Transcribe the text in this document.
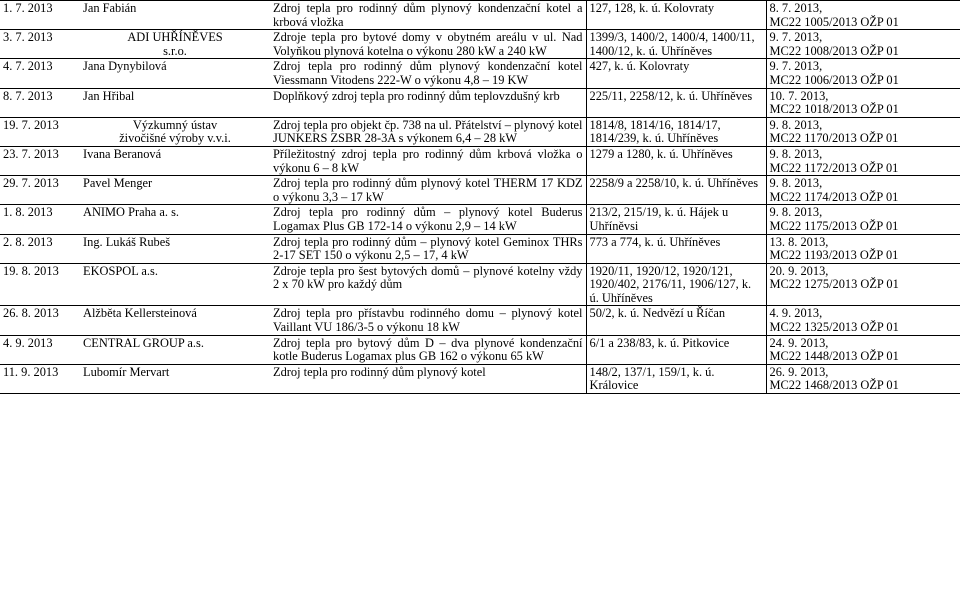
1. 7. 2013	Jan Fabián	Zdroj tepla pro rodinný dům plynový kondenzační kotel a krbová vložka	127, 128, k. ú. Kolovraty	8. 7. 2013,
MC22 1005/2013 OŽP 01

3. 7. 2013	ADI UHŘÍNĚVES
s.r.o.	Zdroje tepla pro bytové domy v obytném areálu v ul. Nad Volyňkou plynová kotelna o výkonu 280 kW a 240 kW	1399/3, 1400/2, 1400/4, 1400/11, 1400/12, k. ú. Uhříněves	9. 7. 2013,
MC22 1008/2013 OŽP 01

4. 7. 2013	Jana Dynybilová	Zdroj tepla pro rodinný dům plynový kondenzační kotel Viessmann Vitodens 222-W o výkonu 4,8 – 19 KW	427, k. ú. Kolovraty	9. 7. 2013,
MC22 1006/2013 OŽP 01

8. 7. 2013	Jan Hřibal	Doplňkový zdroj tepla pro rodinný dům teplovzdušný krb	225/11, 2258/12, k. ú. Uhříněves	10. 7. 2013,
MC22 1018/2013 OŽP 01

19. 7. 2013	Výzkumný ústav
živočišné výroby v.v.i.	Zdroj tepla pro objekt čp. 738 na ul. Přátelství – plynový kotel JUNKERS ZSBR 28-3A s výkonem 6,4 – 28 kW	1814/8, 1814/16, 1814/17, 1814/239, k. ú. Uhříněves	9. 8. 2013,
MC22 1170/2013 OŽP 01

23. 7. 2013	Ivana Beranová	Příležitostný zdroj tepla pro rodinný dům krbová vložka o výkonu 6 – 8 kW	1279 a 1280, k. ú. Uhříněves	9. 8. 2013,
MC22 1172/2013 OŽP 01

29. 7. 2013	Pavel Menger	Zdroj tepla pro rodinný dům plynový kotel THERM 17 KDZ o výkonu 3,3 – 17 kW	2258/9 a 2258/10, k. ú. Uhříněves	9. 8. 2013,
MC22 1174/2013 OŽP 01

1. 8. 2013	ANIMO Praha a. s.	Zdroj tepla pro rodinný dům – plynový kotel Buderus Logamax Plus GB 172-14 o výkonu 2,9 – 14 kW	213/2, 215/19, k. ú. Hájek u Uhříněvsi	9. 8. 2013,
MC22 1175/2013 OŽP 01

2. 8. 2013	Ing. Lukáš Rubeš	Zdroj tepla pro rodinný dům – plynový kotel Geminox THRs 2-17 SET 150 o výkonu 2,5 – 17, 4 kW	773 a 774, k. ú. Uhříněves	13. 8. 2013,
MC22 1193/2013 OŽP 01

19. 8. 2013	EKOSPOL a.s.	Zdroje tepla pro šest bytových domů – plynové kotelny vždy 2 x 70 kW pro každý dům	1920/11, 1920/12, 1920/121, 1920/402, 2176/11, 1906/127, k. ú. Uhříněves	20. 9. 2013,
MC22 1275/2013 OŽP 01

26. 8. 2013	Alžběta Kellersteinová	Zdroj tepla pro přístavbu rodinného domu – plynový kotel Vaillant VU 186/3-5 o výkonu 18 kW	50/2, k. ú. Nedvězí u Říčan	4. 9. 2013,
MC22 1325/2013 OŽP 01

4. 9. 2013	CENTRAL GROUP a.s.	Zdroj tepla pro bytový dům D – dva plynové kondenzační kotle Buderus Logamax plus GB 162 o výkonu 65 kW	6/1 a 238/83, k. ú. Pitkovice	24. 9. 2013,
MC22 1448/2013 OŽP 01

11. 9. 2013	Lubomír Mervart	Zdroj tepla pro rodinný dům plynový kotel	148/2, 137/1, 159/1, k. ú. Královice	26. 9. 2013,
MC22 1468/2013 OŽP 01
